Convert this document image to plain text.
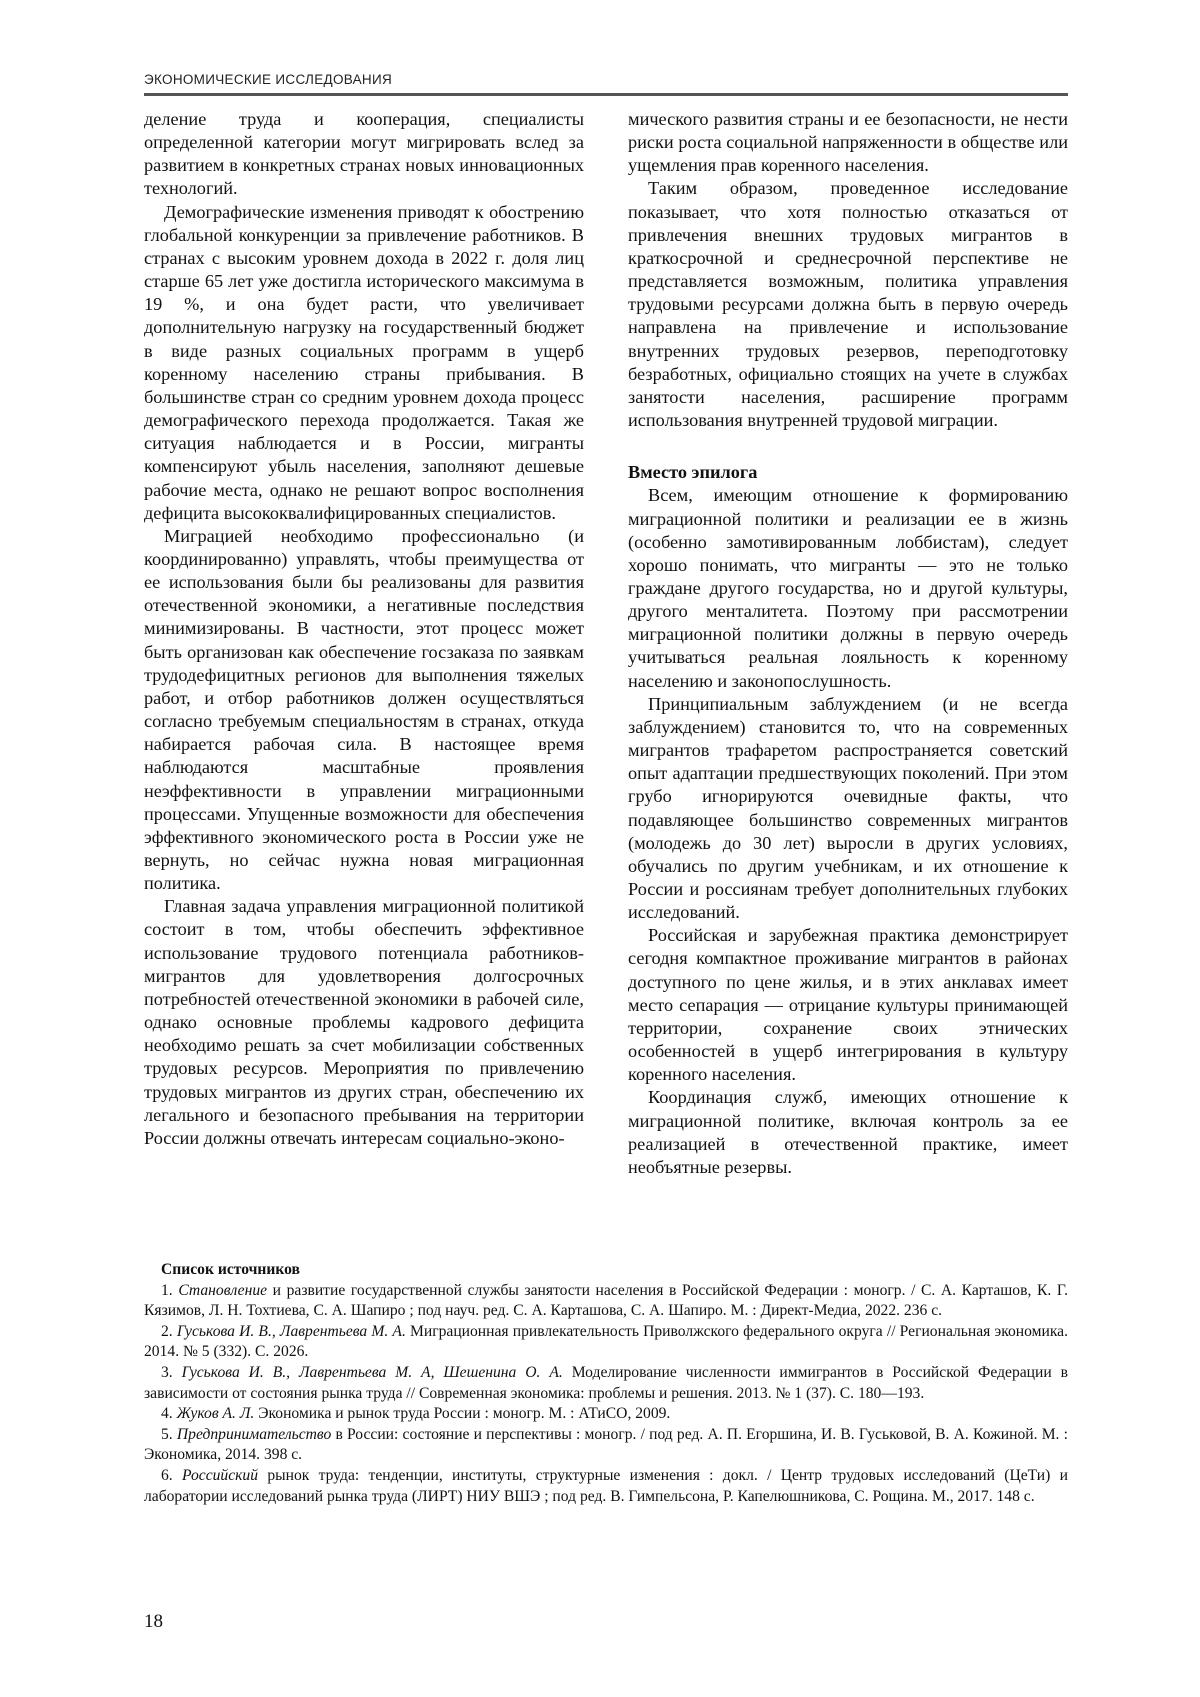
ЭКОНОМИЧЕСКИЕ ИССЛЕДОВАНИЯ

деление труда и кооперация, специалисты определенной категории могут мигрировать вслед за развитием в конкретных странах новых инновационных технологий.

Демографические изменения приводят к обострению глобальной конкуренции за привлечение работников. В странах с высоким уровнем дохода в 2022 г. доля лиц старше 65 лет уже достигла исторического максимума в 19 %, и она будет расти, что увеличивает дополнительную нагрузку на государственный бюджет в виде разных социальных программ в ущерб коренному населению страны прибывания. В большинстве стран со средним уровнем дохода процесс демографического перехода продолжается. Такая же ситуация наблюдается и в России, мигранты компенсируют убыль населения, заполняют дешевые рабочие места, однако не решают вопрос восполнения дефицита высококвалифицированных специалистов.

Миграцией необходимо профессионально (и координированно) управлять, чтобы преимущества от ее использования были бы реализованы для развития отечественной экономики, а негативные последствия минимизированы. В частности, этот процесс может быть организован как обеспечение госзаказа по заявкам трудодефицитных регионов для выполнения тяжелых работ, и отбор работников должен осуществляться согласно требуемым специальностям в странах, откуда набирается рабочая сила. В настоящее время наблюдаются масштабные проявления неэффективности в управлении миграционными процессами. Упущенные возможности для обеспечения эффективного экономического роста в России уже не вернуть, но сейчас нужна новая миграционная политика.

Главная задача управления миграционной политикой состоит в том, чтобы обеспечить эффективное использование трудового потенциала работников-мигрантов для удовлетворения долгосрочных потребностей отечественной экономики в рабочей силе, однако основные проблемы кадрового дефицита необходимо решать за счет мобилизации собственных трудовых ресурсов. Мероприятия по привлечению трудовых мигрантов из других стран, обеспечению их легального и безопасного пребывания на территории России должны отвечать интересам социально-эконо-

мического развития страны и ее безопасности, не нести риски роста социальной напряженности в обществе или ущемления прав коренного населения.

Таким образом, проведенное исследование показывает, что хотя полностью отказаться от привлечения внешних трудовых мигрантов в краткосрочной и среднесрочной перспективе не представляется возможным, политика управления трудовыми ресурсами должна быть в первую очередь направлена на привлечение и использование внутренних трудовых резервов, переподготовку безработных, официально стоящих на учете в службах занятости населения, расширение программ использования внутренней трудовой миграции.

Вместо эпилога

Всем, имеющим отношение к формированию миграционной политики и реализации ее в жизнь (особенно замотивированным лоббистам), следует хорошо понимать, что мигранты — это не только граждане другого государства, но и другой культуры, другого менталитета. Поэтому при рассмотрении миграционной политики должны в первую очередь учитываться реальная лояльность к коренному населению и законопослушность.

Принципиальным заблуждением (и не всегда заблуждением) становится то, что на современных мигрантов трафаретом распространяется советский опыт адаптации предшествующих поколений. При этом грубо игнорируются очевидные факты, что подавляющее большинство современных мигрантов (молодежь до 30 лет) выросли в других условиях, обучались по другим учебникам, и их отношение к России и россиянам требует дополнительных глубоких исследований.

Российская и зарубежная практика демонстрирует сегодня компактное проживание мигрантов в районах доступного по цене жилья, и в этих анклавах имеет место сепарация — отрицание культуры принимающей территории, сохранение своих этнических особенностей в ущерб интегрирования в культуру коренного населения.

Координация служб, имеющих отношение к миграционной политике, включая контроль за ее реализацией в отечественной практике, имеет необъятные резервы.

Список источников

1. Становление и развитие государственной службы занятости населения в Российской Федерации : моногр. / С. А. Карташов, К. Г. Кязимов, Л. Н. Тохтиева, С. А. Шапиро ; под науч. ред. С. А. Карташова, С. А. Шапиро. М. : Директ-Медиа, 2022. 236 с.

2. Гуськова И. В., Лаврентьева М. А. Миграционная привлекательность Приволжского федерального округа // Региональная экономика. 2014. № 5 (332). С. 2026.

3. Гуськова И. В., Лаврентьева М. А, Шешенина О. А. Моделирование численности иммигрантов в Российской Федерации в зависимости от состояния рынка труда // Современная экономика: проблемы и решения. 2013. № 1 (37). С. 180—193.

4. Жуков А. Л. Экономика и рынок труда России : моногр. М. : АТиСО, 2009.

5. Предпринимательство в России: состояние и перспективы : моногр. / под ред. А. П. Егоршина, И. В. Гуськовой, В. А. Кожиной. М. : Экономика, 2014. 398 с.

6. Российский рынок труда: тенденции, институты, структурные изменения : докл. / Центр трудовых исследований (ЦеТи) и лаборатории исследований рынка труда (ЛИРТ) НИУ ВШЭ ; под ред. В. Гимпельсона, Р. Капелюшникова, С. Рощина. М., 2017. 148 с.

18
